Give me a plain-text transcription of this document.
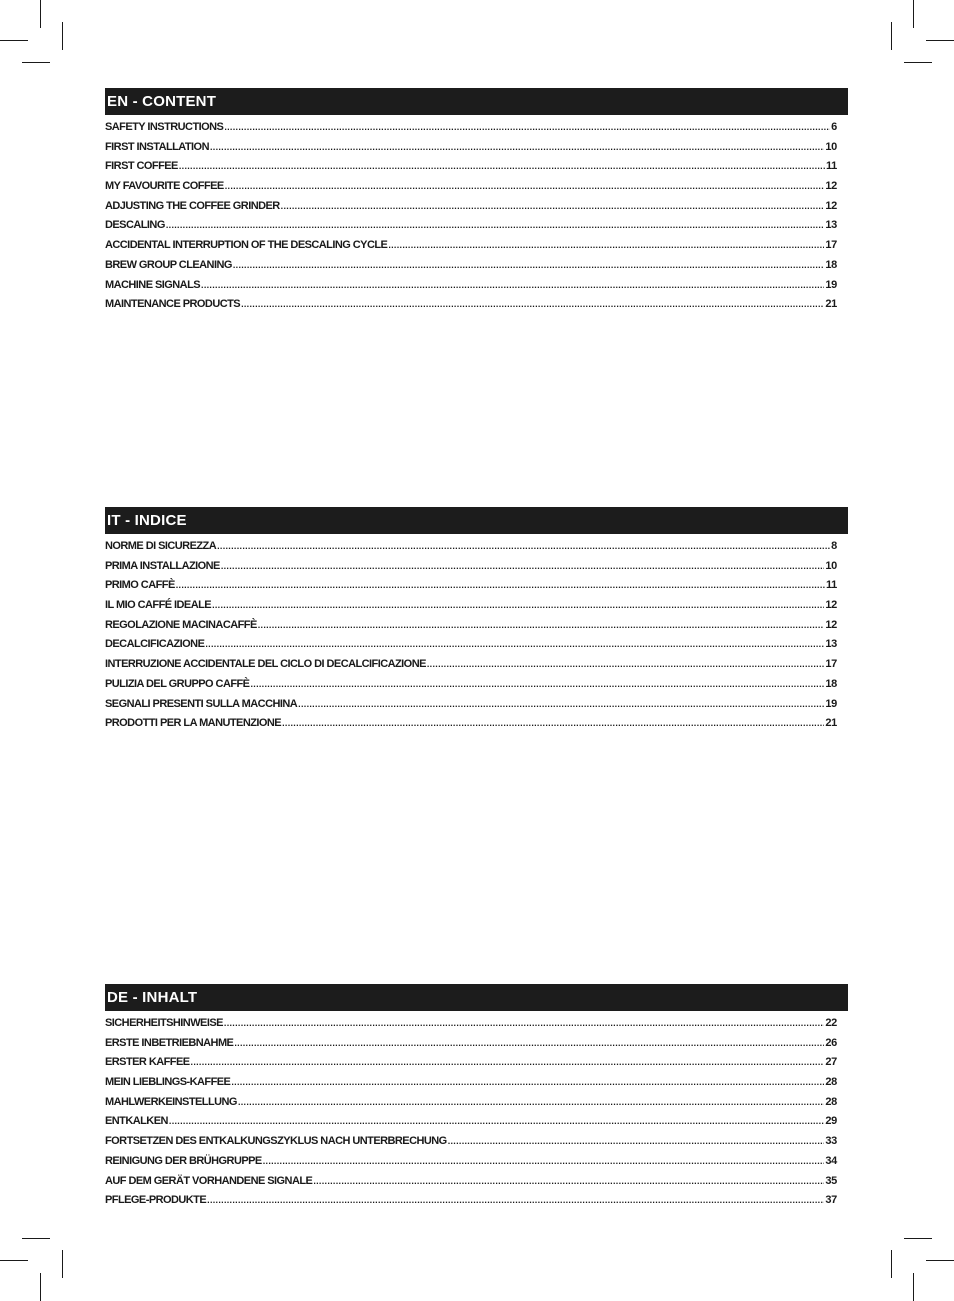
EN - CONTENT
SAFETY INSTRUCTIONS .....	6
FIRST INSTALLATION .....	10
FIRST COFFEE .....	11
MY FAVOURITE COFFEE .....	12
ADJUSTING THE COFFEE GRINDER .....	12
DESCALING .....	13
ACCIDENTAL INTERRUPTION OF THE DESCALING CYCLE .....	17
BREW GROUP CLEANING .....	18
MACHINE SIGNALS .....	19
MAINTENANCE PRODUCTS .....	21
IT - INDICE
NORME DI SICUREZZA .....	8
PRIMA INSTALLAZIONE .....	10
PRIMO CAFFÈ .....	11
IL MIO CAFFÉ IDEALE .....	12
REGOLAZIONE MACINACAFFÈ .....	12
DECALCIFICAZIONE .....	13
INTERRUZIONE ACCIDENTALE DEL CICLO DI DECALCIFICAZIONE .....	17
PULIZIA DEL GRUPPO CAFFÈ .....	18
SEGNALI PRESENTI SULLA MACCHINA .....	19
PRODOTTI PER LA MANUTENZIONE .....	21
DE - INHALT
SICHERHEITSHINWEISE .....	22
ERSTE INBETRIEBNAHME .....	26
ERSTER KAFFEE .....	27
MEIN LIEBLINGS-KAFFEE .....	28
MAHLWERKEINSTELLUNG .....	28
ENTKALKEN .....	29
FORTSETZEN DES ENTKALKUNGSZYKLUS NACH UNTERBRECHUNG .....	33
REINIGUNG DER BRÜHGRUPPE .....	34
AUF DEM GERÄT VORHANDENE SIGNALE .....	35
PFLEGE-PRODUKTE .....	37
